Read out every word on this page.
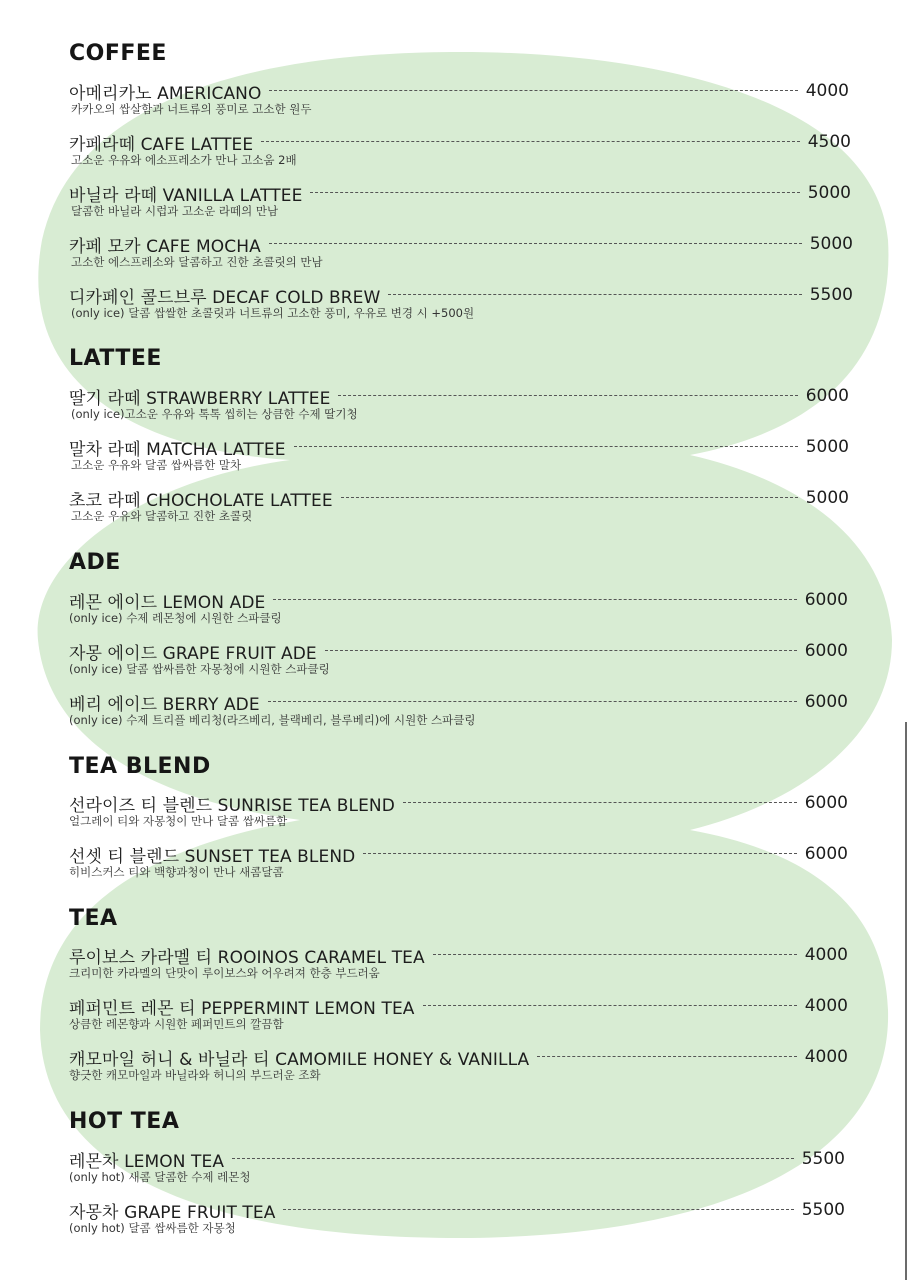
COFFEE
아메리카노 AMERICANO	4000
카카오의 쌉살함과 너트류의 풍미로 고소한 원두
카페라떼 CAFE LATTEE	4500
고소운 우유와 에소프레소가 만나 고소움 2배
바닐라 라떼 VANILLA LATTEE	5000
달콤한 바닐라 시럽과 고소운 라떼의 만남
카페 모카 CAFE MOCHA	5000
고소한 에스프레소와 달콤하고 진한 초콜릿의 만남
디카페인 콜드브루 DECAF COLD BREW	5500
(only ice) 달콤 쌉쌀한 초콜릿과 너트류의 고소한 풍미, 우유로 변경 시 +500원
LATTEE
딸기 라떼 STRAWBERRY LATTEE	6000
(only ice)고소운 우유와 톡톡 씹히는 상큼한 수제 딸기청
말차 라떼 MATCHA LATTEE	5000
고소운 우유와 달콤 쌉싸름한 말차
초코 라떼 CHOCHOLATE LATTEE	5000
고소운 우유와 달콤하고 진한 초콜릿
ADE
레몬 에이드 LEMON ADE	6000
(only ice) 수제 레몬청에 시원한 스파클링
자몽 에이드 GRAPE FRUIT ADE	6000
(only ice) 달콤 쌉싸름한 자몽청에 시원한 스파클링
베리 에이드 BERRY ADE	6000
(only ice) 수제 트리플 베리청(라즈베리, 블랙베리, 블루베리)에 시원한 스파클링
TEA BLEND
선라이즈 티 블렌드 SUNRISE TEA BLEND	6000
얼그레이 티와 자몽청이 만나 달콤 쌉싸름함
선셋 티 블렌드 SUNSET TEA BLEND	6000
히비스커스 티와 백향과청이 만나 새콤달콤
TEA
루이보스 카라멜 티 ROOINOS CARAMEL TEA	4000
크리미한 카라멜의 단맛이 루이보스와 어우려져 한층 부드러움
페퍼민트 레몬 티 PEPPERMINT LEMON TEA	4000
상큼한 레몬향과 시원한 페퍼민트의 깔끔함
캐모마일 허니 & 바닐라 티 CAMOMILE HONEY & VANILLA	4000
향긋한 캐모마일과 바닐라와 허니의 부드러운 조화
HOT TEA
레몬차 LEMON TEA	5500
(only hot) 새콤 달콤한 수제 레몬청
자몽차 GRAPE FRUIT TEA	5500
(only hot) 달콤 쌉싸름한 자몽청
